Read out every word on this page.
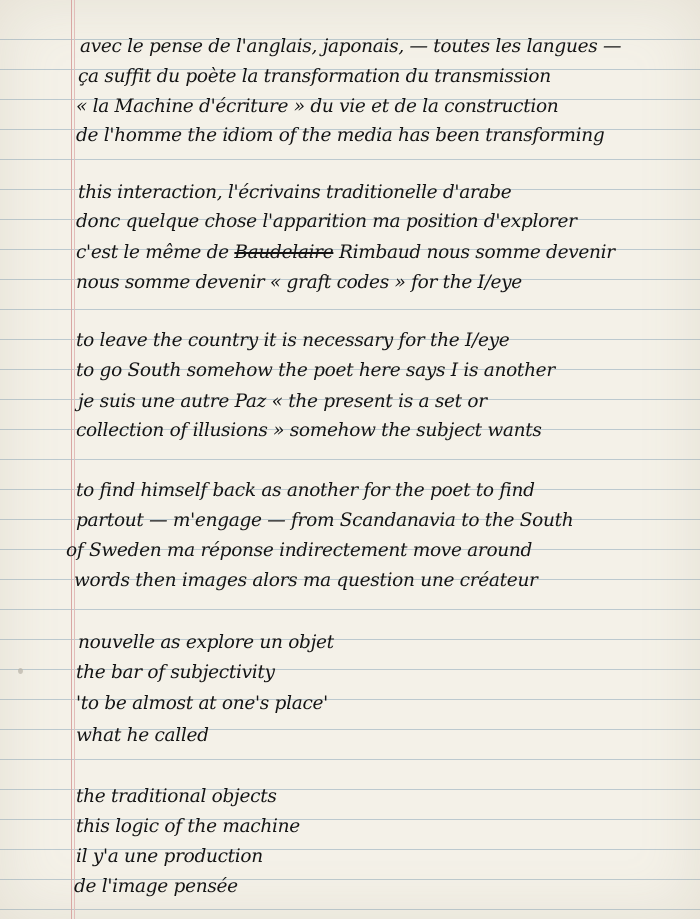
avec le pense de l'anglais, japonais, — toutes les langues —

ça suffit du poète la transformation du transmission

« la Machine d'écriture » du vie et de la construction

de l'homme the idiom of the media has been transforming

this interaction, l'écrivains traditionelle d'arabe

donc quelque chose l'apparition ma position d'explorer

c'est le même de Baudelaire Rimbaud nous somme devenir

nous somme devenir « graft codes » for the I/eye

to leave the country it is necessary for the I/eye

to go South somehow the poet here says I is another

je suis une autre Paz « the present is a set or

collection of illusions » somehow the subject wants

to find himself back as another for the poet to find

partout — m'engage — from Scandanavia to the South

of Sweden ma réponse indirectement move around

words then images alors ma question une créateur

nouvelle as explore un objet

the bar of subjectivity

'to be almost at one's place'

what he called

the traditional objects

this logic of the machine

il y'a une production

de l'image pensée
